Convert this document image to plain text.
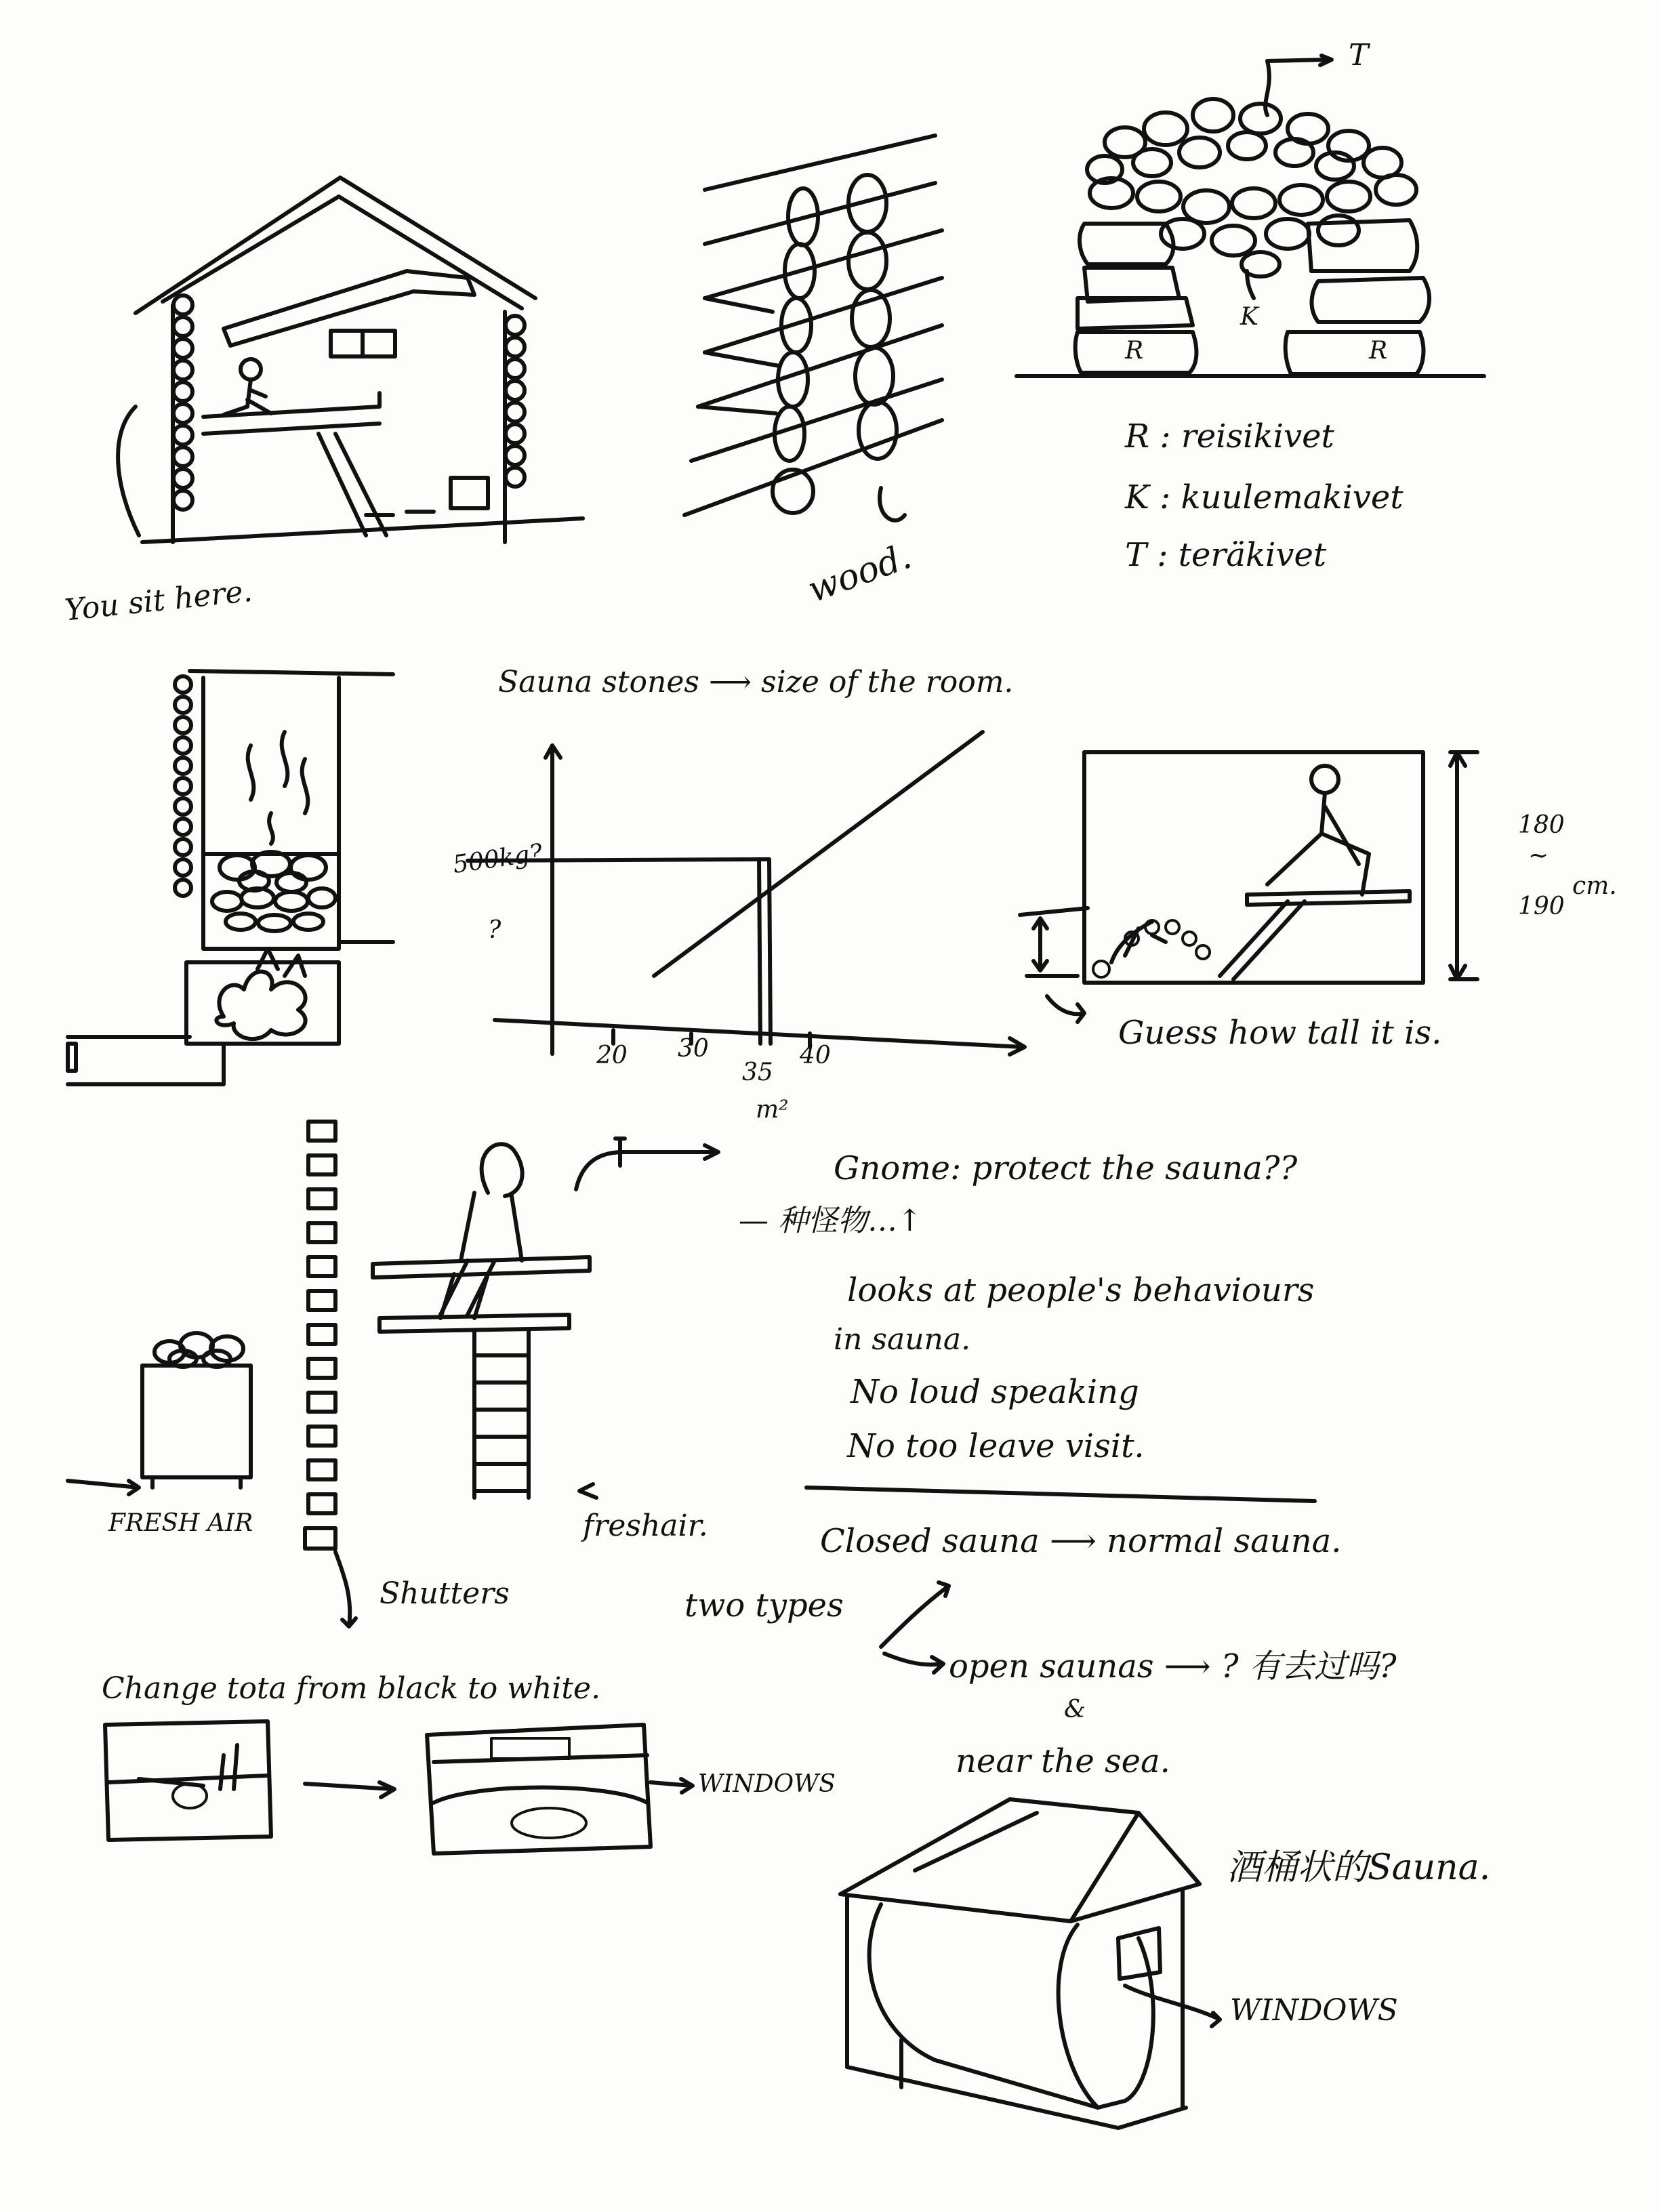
You sit here.	wood.
K
R	R
T
R : reisikivet
K : kuulemakivet
T : teräkivet
Sauna stones ⟶ size of the room.
500kg?
?
20 30
35
40
m²
180
~
190
cm.
Guess how tall it is.
Gnome: protect the sauna??
— 种怪物…↑
looks at people's behaviours
in sauna.
No loud speaking
No too leave visit.
FRESH AIR
Shutters
freshair.	Closed sauna ⟶ normal sauna.
two types
open saunas ⟶ ? 有去过吗?
&
near the sea.
Change tota from black to white.
WINDOWS
酒桶状的Sauna.
WINDOWS
